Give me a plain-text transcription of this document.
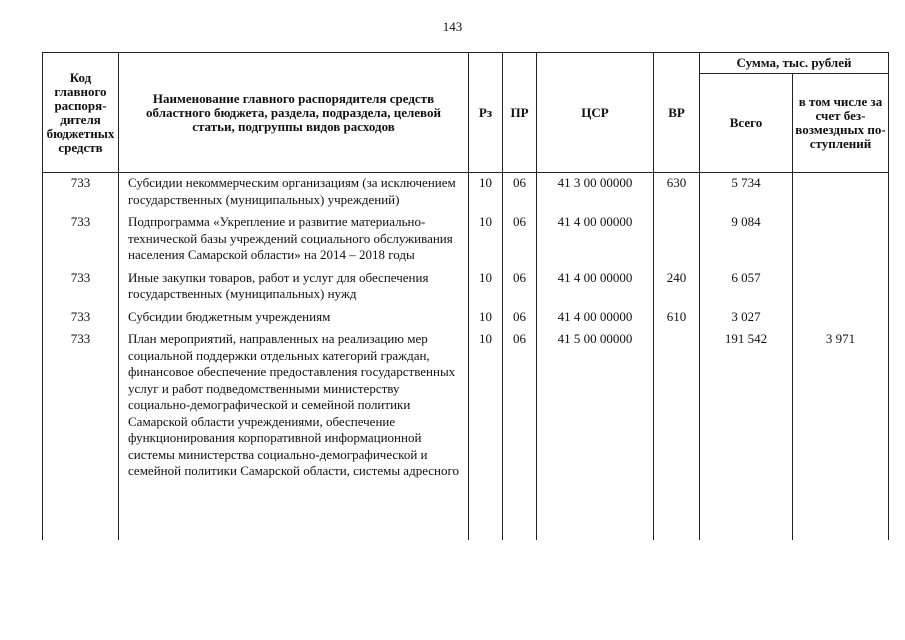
143
Код главного распорядителя бюджетных средств	Наименование главного распорядителя средств областного бюджета, раздела, подраздела, целевой статьи, подгруппы видов расходов	Рз	ПР	ЦСР	ВР	Сумма, тыс. рублей	
						Всего	в том числе за счет безвозмездных поступлений
733	Субсидии некоммерческим организациям (за исключением государственных (муниципальных) учреждений)	10	06	41 3 00 00000	630	5 734	
733	Подпрограмма «Укрепление и развитие материально-технической базы учреждений социального обслуживания населения Самарской области» на 2014 – 2018 годы	10	06	41 4 00 00000		9 084	
733	Иные закупки товаров, работ и услуг для обеспечения государственных (муниципальных) нужд	10	06	41 4 00 00000	240	6 057	
733	Субсидии бюджетным учреждениям	10	06	41 4 00 00000	610	3 027	
733	План мероприятий, направленных на реализацию мер социальной поддержки отдельных категорий граждан, финансовое обеспечение предоставления государственных услуг и работ подведомственными министерству социально-демографической и семейной политики Самарской области учреждениями, обеспечение функционирования корпоративной информационной системы министерства социально-демографической и семейной политики Самарской области, системы адресного	10	06	41 5 00 00000		191 542	3 971
